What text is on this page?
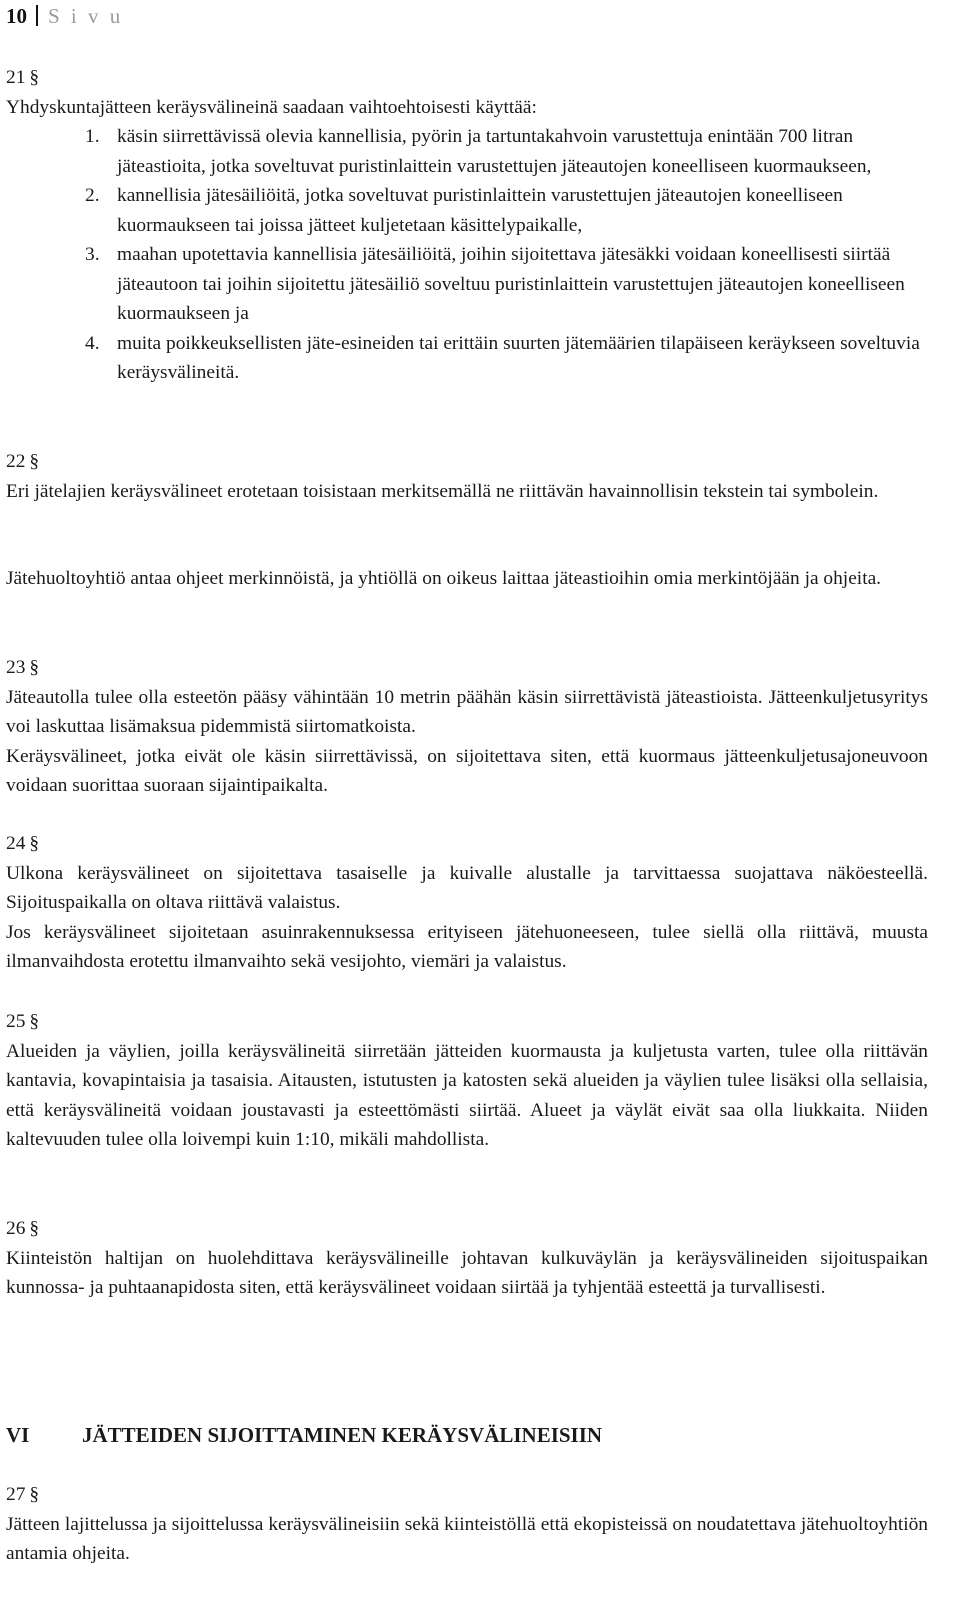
10 S i v u
21 §

Yhdyskuntajätteen keräysvälineinä saadaan vaihtoehtoisesti käyttää:

1. käsin siirrettävissä olevia kannellisia, pyörin ja tartuntakahvoin varustettuja enintään 700 litran jäteastioita, jotka soveltuvat puristinlaittein varustettujen jäteautojen koneelliseen kuormaukseen,
2. kannellisia jätesäiliöitä, jotka soveltuvat puristinlaittein varustettujen jäteautojen koneelliseen kuormaukseen tai joissa jätteet kuljetetaan käsittelypaikalle,
3. maahan upotettavia kannellisia jätesäiliöitä, joihin sijoitettava jätesäkki voidaan koneellisesti siirtää jäteautoon tai joihin sijoitettu jätesäiliö soveltuu puristinlaittein varustettujen jäteautojen koneelliseen kuormaukseen ja
4. muita poikkeuksellisten jäte-esineiden tai erittäin suurten jätemäärien tilapäiseen keräykseen soveltuvia keräysvälineitä.
22 §

Eri jätelajien keräysvälineet erotetaan toisistaan merkitsemällä ne riittävän havainnollisin tekstein tai symbolein.

Jätehuoltoyhtiö antaa ohjeet merkinnöistä, ja yhtiöllä on oikeus laittaa jäteastioihin omia merkintöjään ja ohjeita.

23 §

Jäteautolla tulee olla esteetön pääsy vähintään 10 metrin päähän käsin siirrettävistä jäteastioista. Jätteenkuljetusyritys voi laskuttaa lisämaksua pidemmistä siirtomatkoista.

Keräysvälineet, jotka eivät ole käsin siirrettävissä, on sijoitettava siten, että kuormaus jätteenkuljetusajoneuvoon voidaan suorittaa suoraan sijaintipaikalta.

24 §

Ulkona keräysvälineet on sijoitettava tasaiselle ja kuivalle alustalle ja tarvittaessa suojattava näköesteellä. Sijoituspaikalla on oltava riittävä valaistus.

Jos keräysvälineet sijoitetaan asuinrakennuksessa erityiseen jätehuoneeseen, tulee siellä olla riittävä, muusta ilmanvaihdosta erotettu ilmanvaihto sekä vesijohto, viemäri ja valaistus.

25 §

Alueiden ja väylien, joilla keräysvälineitä siirretään jätteiden kuormausta ja kuljetusta varten, tulee olla riittävän kantavia, kovapintaisia ja tasaisia. Aitausten, istutusten ja katosten sekä alueiden ja väylien tulee lisäksi olla sellaisia, että keräysvälineitä voidaan joustavasti ja esteettömästi siirtää. Alueet ja väylät eivät saa olla liukkaita. Niiden kaltevuuden tulee olla loivempi kuin 1:10, mikäli mahdollista.

26 §

Kiinteistön haltijan on huolehdittava keräysvälineille johtavan kulkuväylän ja keräysvälineiden sijoituspaikan kunnossa- ja puhtaanapidosta siten, että keräysvälineet voidaan siirtää ja tyhjentää esteettä ja turvallisesti.

VI	JÄTTEIDEN SIJOITTAMINEN KERÄYSVÄLINEISIIN
27 §

Jätteen lajittelussa ja sijoittelussa keräysvälineisiin sekä kiinteistöllä että ekopisteissä on noudatettava jätehuoltoyhtiön antamia ohjeita.
